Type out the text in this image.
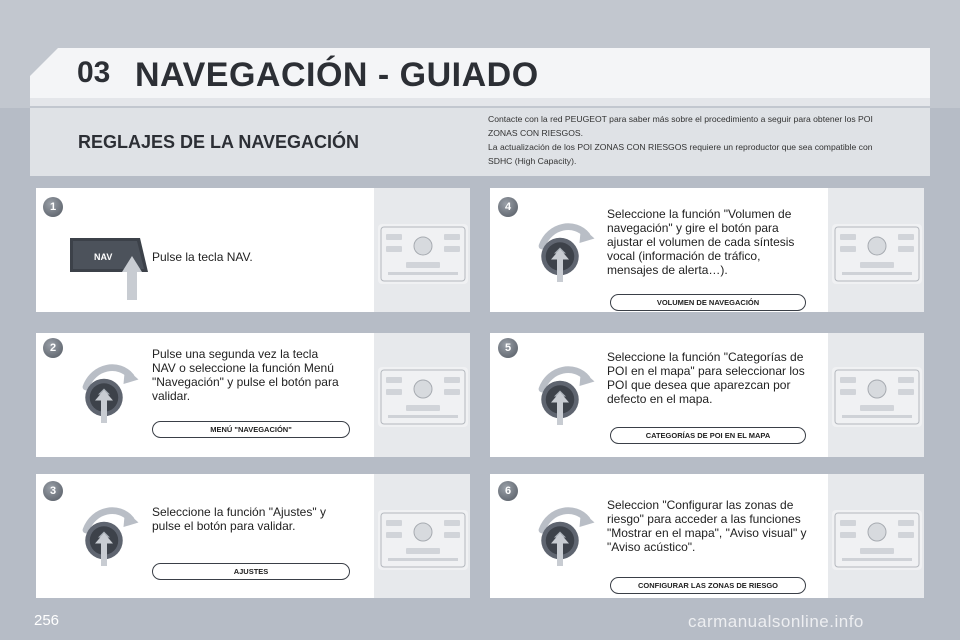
03 NAVEGACIÓN - GUIADO
REGLAJES DE LA NAVEGACIÓN
Contacte con la red PEUGEOT para saber más sobre el procedimiento a seguir para obtener los POI
ZONAS CON RIESGOS.
La actualización de los POI ZONAS CON RIESGOS requiere un reproductor que sea compatible con
SDHC (High Capacity).
1
NAV	Pulse la tecla NAV.
2	Pulse una segunda vez la tecla
NAV o seleccione la función Menú
"Navegación" y pulse el botón para
validar.
MENÚ "NAVEGACIÓN"
3
Seleccione la función "Ajustes" y
pulse el botón para validar.
AJUSTES
4	Seleccione la función "Volumen de
navegación" y gire el botón para
ajustar el volumen de cada síntesis
vocal (información de tráfico,
mensajes de alerta…).
VOLUMEN DE NAVEGACIÓN
5
Seleccione la función "Categorías de
POI en el mapa" para seleccionar los
POI que desea que aparezcan por
defecto en el mapa.
CATEGORÍAS DE POI EN EL MAPA
6
Seleccion "Configurar las zonas de
riesgo" para acceder a las funciones
"Mostrar en el mapa", "Aviso visual" y
"Aviso acústico".
CONFIGURAR LAS ZONAS DE RIESGO
256	carmanualsonline.info
